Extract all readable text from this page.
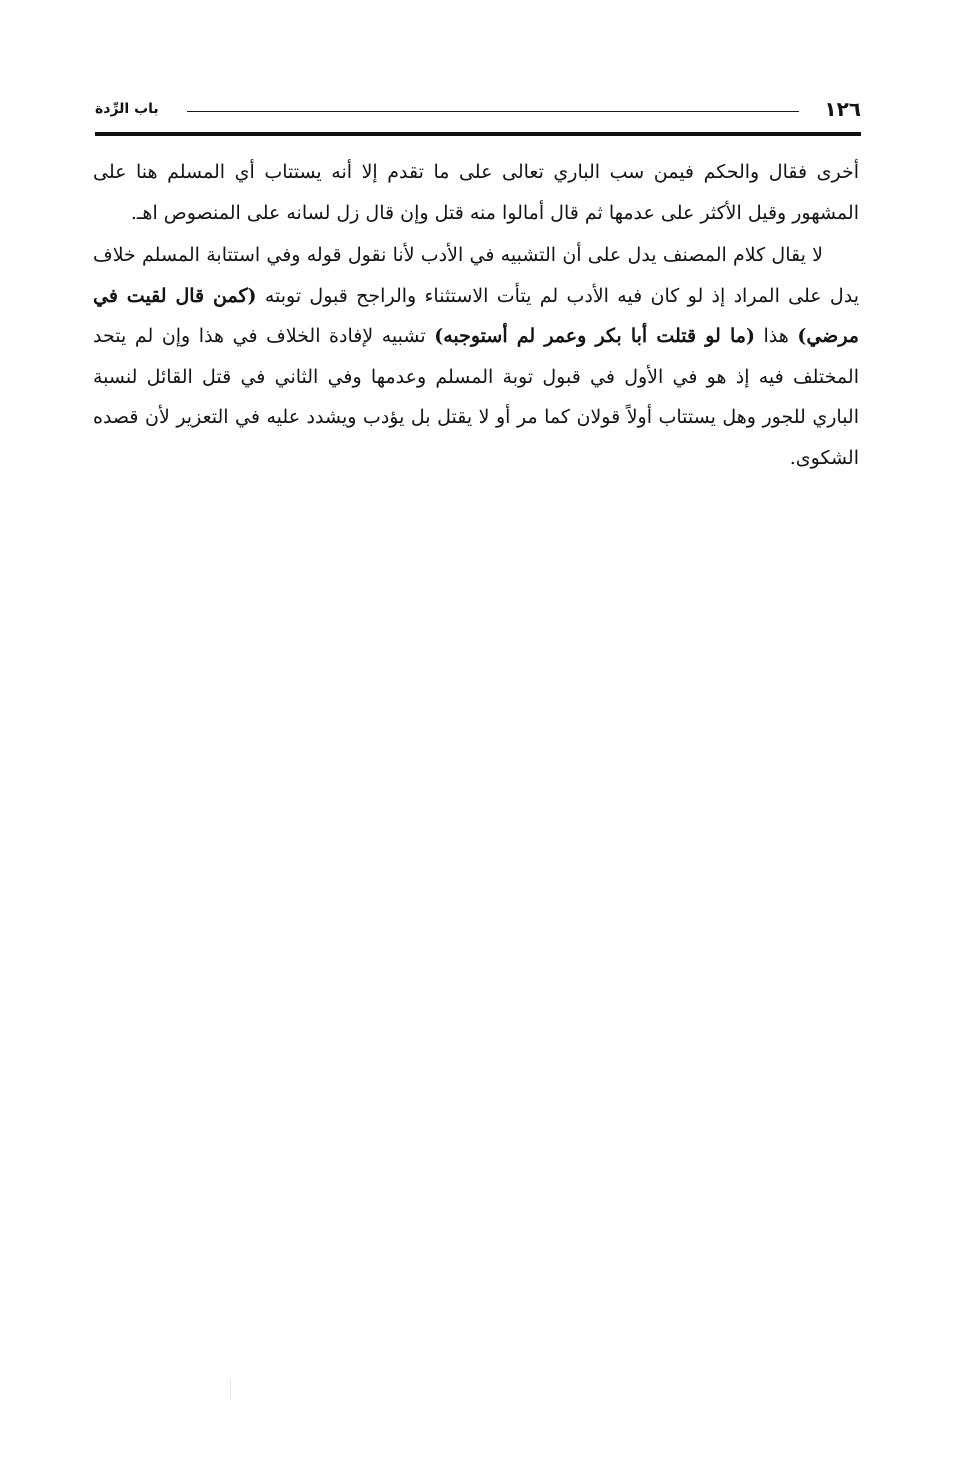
١٢٦
باب الرِّدة

أخرى فقال والحكم فيمن سب الباري تعالى على ما تقدم إلا أنه يستتاب أي المسلم هنا على المشهور وقيل الأكثر على عدمها ثم قال أمالوا منه قتل وإن قال زل لسانه على المنصوص اهـ.

لا يقال كلام المصنف يدل على أن التشبيه في الأدب لأنا نقول قوله وفي استتابة المسلم خلاف يدل على المراد إذ لو كان فيه الأدب لم يتأت الاستثناء والراجح قبول توبته (كمن قال لقيت في مرضي) هذا (ما لو قتلت أبا بكر وعمر لم أستوجبه) تشبيه لإفادة الخلاف في هذا وإن لم يتحد المختلف فيه إذ هو في الأول في قبول توبة المسلم وعدمها وفي الثاني في قتل القائل لنسبة الباري للجور وهل يستتاب أولاً قولان كما مر أو لا يقتل بل يؤدب ويشدد عليه في التعزير لأن قصده الشكوى.
